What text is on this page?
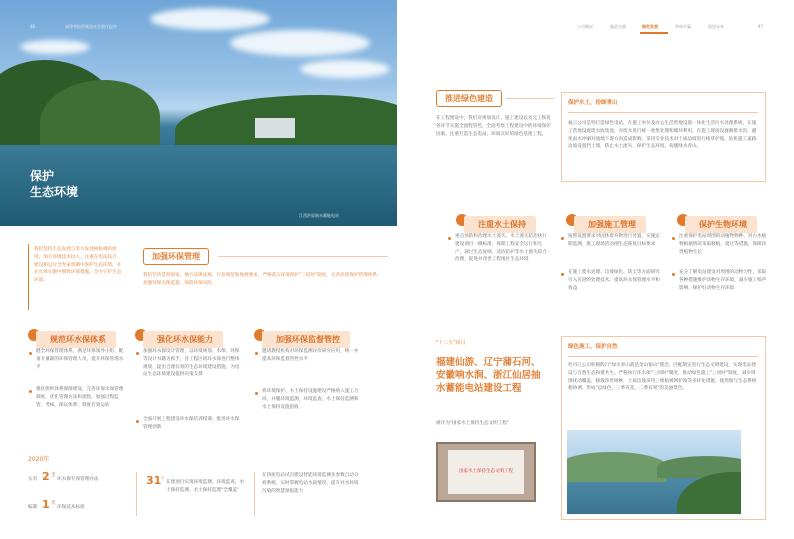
保护
生态环境
江西洪屏抽水蓄能电站
46	福建省投资集团社会责任报告	公司概况	履责实践	绿色发展	和谐共赢	展望未来	47
我们坚持生态发展与电力发展相协调的原则，加大环境技术投入，注重在电站设计、建设和运行全寿命周期中保护生态环境，并在具体实施中细致环保措施，全力守护生态环境。
加强环保管理
我们坚决贯彻国家、地方法律法规，行业规范和地规要求，严格落实环境保护"三同时"制度，完善环境保护管理体系，加强环保水保监督、预防环保风险。
规范环水保体系
健全环保管理体系，满足环保领导小组，配备专兼职的环保管理人员，提升环保管理水平
强化组织体系保障建设，完善环保水保管理制度，优化管理方法和流程，加强过程监管、考核、保证体系，制度有效运转
强化环水保能力
加强环水保设计管理，以环境规划、水保、环保等设计书籍为抓手，对工程区域环水保进行整体规划，提出合理有效的生态环境建设措施，为电站生态环境建设提供决策支撑
全面开展工程建设环水保培训授课，推进环水保管理创新
加强环保监督管控
邀请教授机构对环保监测评价研究应用，统一并提高环保监督管控水平
将环境保护、水土保持设施建设严格纳入施工合同，并履环境监测，环境监查，水土保持监测和水土保持设施验收
2020年
实有 2 类
环水保专项管理办法
编制 1 类
环保技术标准
31
个
在建项目实现环境监测、环境监查、水土保持监测、水土保持监理"全覆盖"
在四座电站试点建设智能环境监测多参数自动分析系统，实时掌握电站水质情况，提升对水环境污染的智慧预报能力
推进绿色建造
在工程建设中，我们对规划设计、施工建设以及完工恢复各环节实施全流程管控，全面考察工程建设中的环境保护因素，注重打造生态电站、环境友好的绿色基建工程。
保护水土，扮绿青山
福云公司是特打造绿色电站，在施工单位及办公生活营地设置一体化生活污水处理系统，在施工营地设置废水收集池，对废水进行统一收集处理和循环利用。在施工现场设置截排水沟，避免雨水冲刷对坡地下游方向造成影响。采用专业技术对土质边坡进行植草护坡，钻机施工道路边坡设置挡土墙，防止水土流失，保护生态环境，扮靓绿水青山。
注重水土保持
重点预防和治理水土流失，水土流失防治执行建设项目一级标准，保障工程安全运行和生产，通过生态复绿，清洁防护等水土流失综合治理，促进并改善工程地区生态环境
加强施工管理
按照设置要求对固体废弃物进行处置，实施定期监测、施工现场活动削生态恢复目标要求
在施工废水处理、边坡绿化、防尘等方面研究引入先进的处理技术，提高环水保管理水平和效益
保护生物环境
注重保护电站周围的动植物物种，对古木植物根据情况采取移植、就让等措施，保障珍贵植物生长
充分了解电站建设对周围的动物习性，采取各种措施维护动物生存环境，减少施工噪声影响，保护好动物生存环境
"十三五"项目
福建仙游、辽宁蒲石河、安徽响水涧、浙江仙居抽水蓄能电站建设工程
被评为"国家水土保持生态文明工程"
国家水土保持生态文明工程
绿色施工，保护自然
牡丹江公司积极践行"绿水青山就是金山银山"理念，匹配制定进行生态文明建设，实现电站建设与自然生态和谐共生。严格执行环水保"三同时"制度，推动绿色施工"三同时"制度，减少周围扰动覆盖，移栽珍贵树种，土质边坡采用三维植被网护坡等多样化措施，使周围与生态系统相协调，形成"总绿色、三季有花、二季有果"的美丽景色。
